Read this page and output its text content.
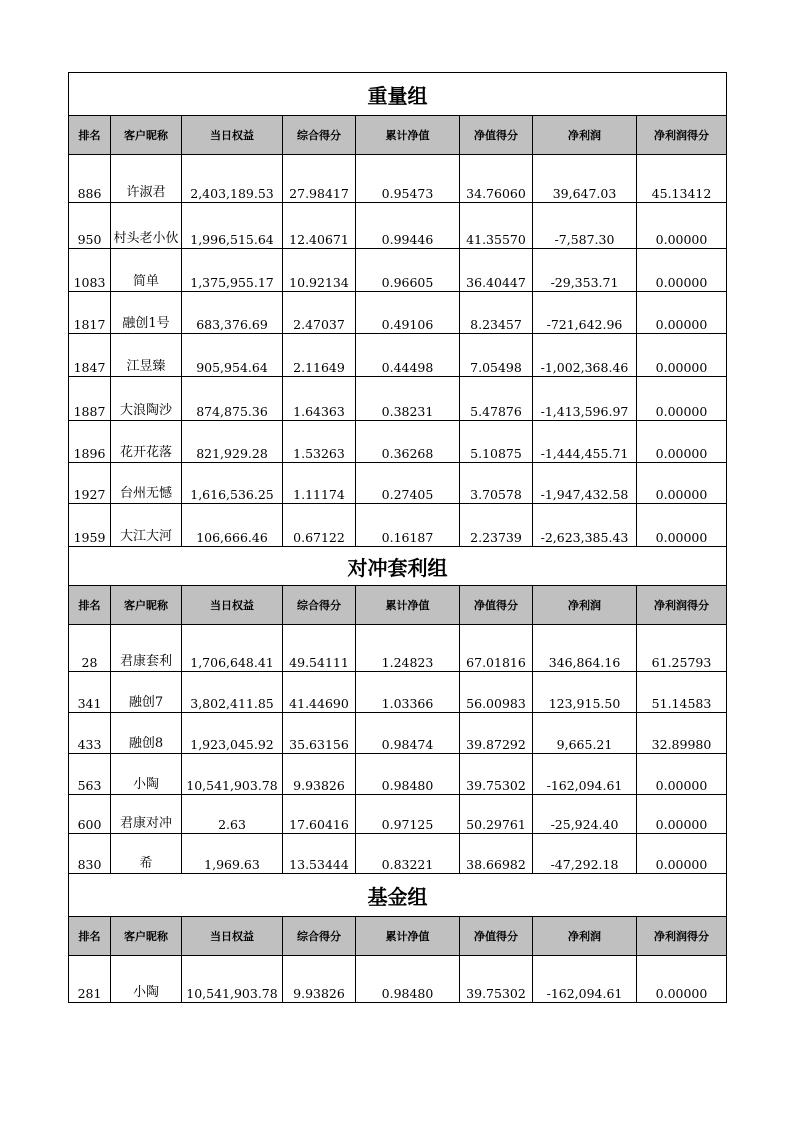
重量组							
排名	客户昵称	当日权益	综合得分	累计净值	净值得分	净利润	净利润得分
886	许淑君	2,403,189.53	27.98417	0.95473	34.76060	39,647.03	45.13412
950	村头老小伙	1,996,515.64	12.40671	0.99446	41.35570	-7,587.30	0.00000
1083	简单	1,375,955.17	10.92134	0.96605	36.40447	-29,353.71	0.00000
1817	融创1号	683,376.69	2.47037	0.49106	8.23457	-721,642.96	0.00000
1847	江昱臻	905,954.64	2.11649	0.44498	7.05498	-1,002,368.46	0.00000
1887	大浪陶沙	874,875.36	1.64363	0.38231	5.47876	-1,413,596.97	0.00000
1896	花开花落	821,929.28	1.53263	0.36268	5.10875	-1,444,455.71	0.00000
1927	台州无憾	1,616,536.25	1.11174	0.27405	3.70578	-1,947,432.58	0.00000
1959	大江大河	106,666.46	0.67122	0.16187	2.23739	-2,623,385.43	0.00000
对冲套利组							
排名	客户昵称	当日权益	综合得分	累计净值	净值得分	净利润	净利润得分
28	君康套利	1,706,648.41	49.54111	1.24823	67.01816	346,864.16	61.25793
341	融创7	3,802,411.85	41.44690	1.03366	56.00983	123,915.50	51.14583
433	融创8	1,923,045.92	35.63156	0.98474	39.87292	9,665.21	32.89980
563	小陶	10,541,903.78	9.93826	0.98480	39.75302	-162,094.61	0.00000
600	君康对冲	2.63	17.60416	0.97125	50.29761	-25,924.40	0.00000
830	希	1,969.63	13.53444	0.83221	38.66982	-47,292.18	0.00000
基金组							
排名	客户昵称	当日权益	综合得分	累计净值	净值得分	净利润	净利润得分
281	小陶	10,541,903.78	9.93826	0.98480	39.75302	-162,094.61	0.00000
